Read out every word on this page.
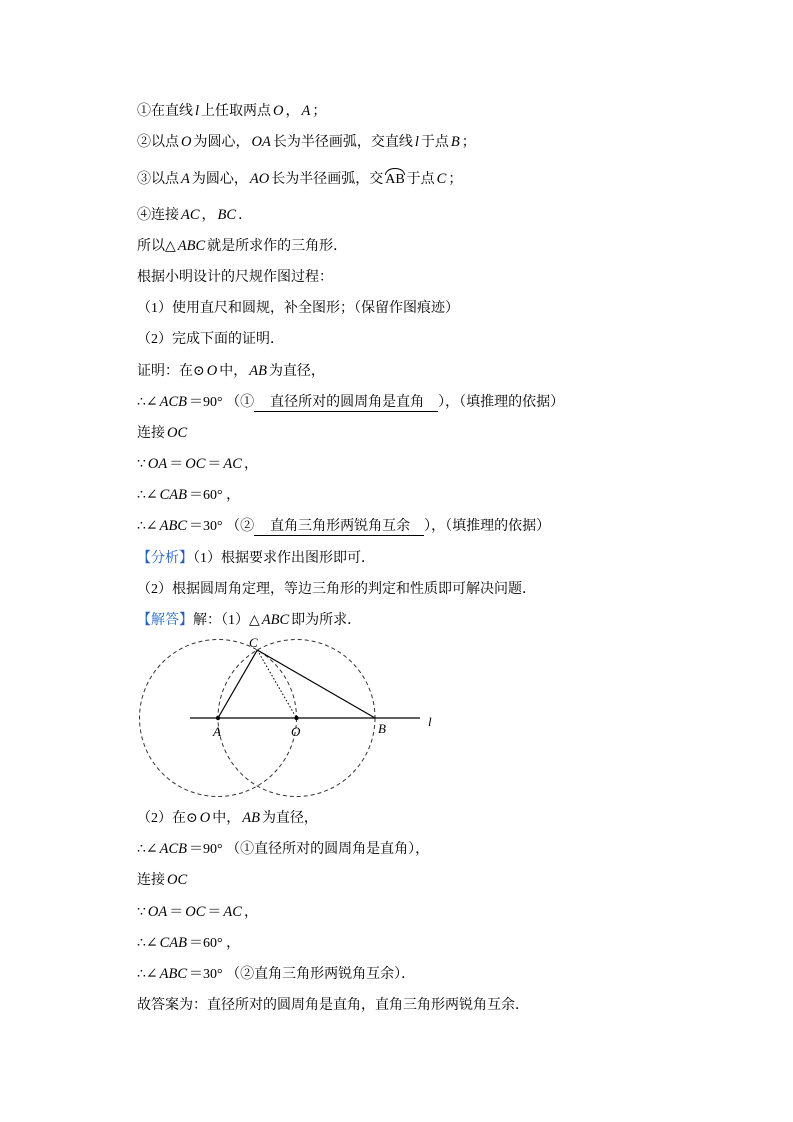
①在直线 l 上任取两点 O ， A ；
②以点 O 为圆心， OA 长为半径画弧，交直线 l 于点 B ；
③以点 A 为圆心， AO 长为半径画弧，交 AB 于点 C ；
④连接 AC ， BC ．
所以△ ABC 就是所求作的三角形．
根据小明设计的尺规作图过程：
（1）使用直尺和圆规，补全图形；（保留作图痕迹）
（2）完成下面的证明．
证明：在⊙ O 中， AB 为直径，
∴∠ ACB ＝90° （① 直径所对的圆周角是直角 ），（填推理的依据）
连接 OC
∵ OA ＝ OC ＝ AC ，
∴∠ CAB ＝60° ，
∴∠ ABC ＝30° （② 直角三角形两锐角互余 ），（填推理的依据）
【分析】（1）根据要求作出图形即可．
（2）根据圆周角定理，等边三角形的判定和性质即可解决问题．
【解答】解：（1）△ ABC 即为所求．
C
A	O	B	l
（2）在⊙ O 中， AB 为直径，
∴∠ ACB ＝90° （①直径所对的圆周角是直角），
连接 OC
∵ OA ＝ OC ＝ AC ，
∴∠ CAB ＝60° ，
∴∠ ABC ＝30° （②直角三角形两锐角互余）．
故答案为：直径所对的圆周角是直角，直角三角形两锐角互余．
